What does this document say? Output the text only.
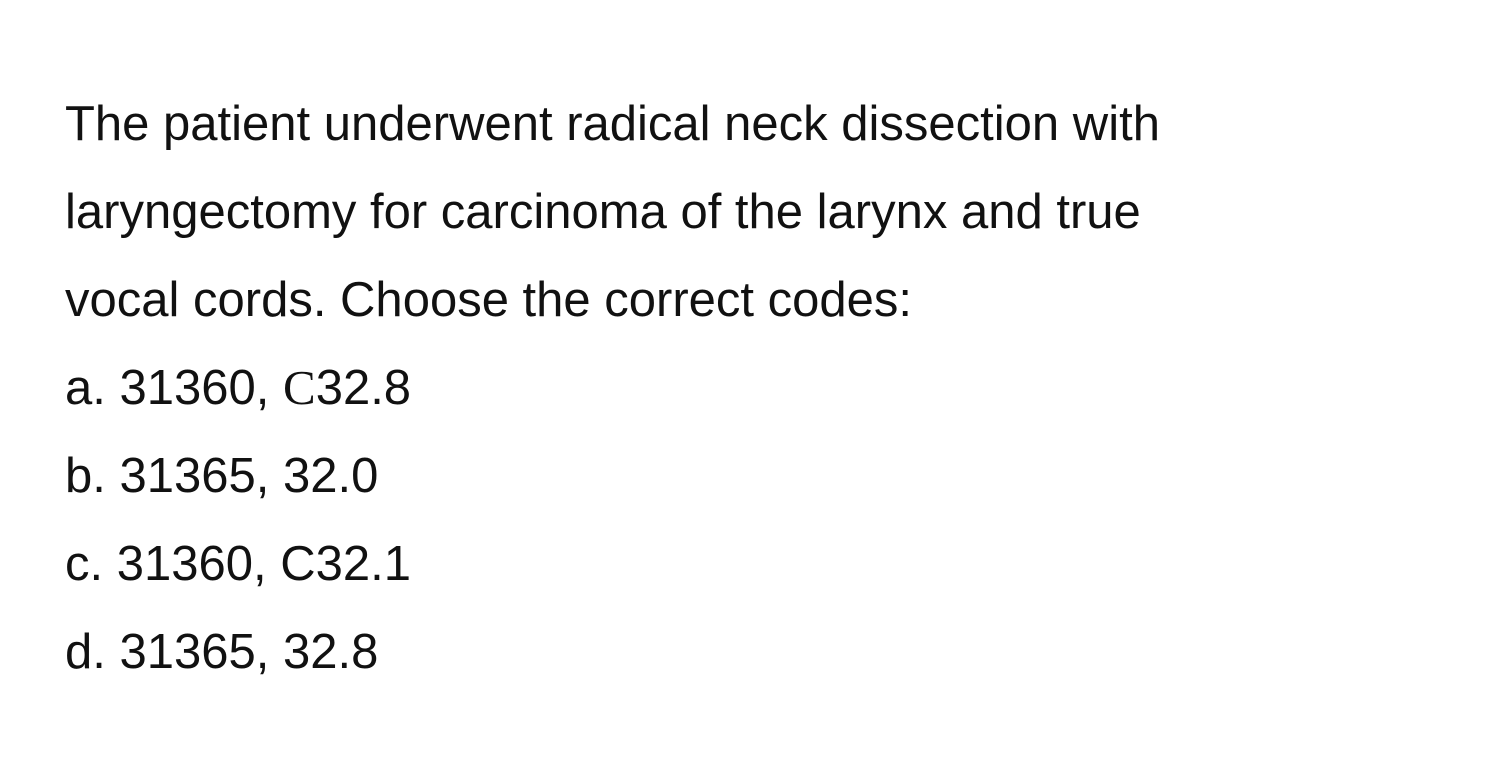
The patient underwent radical neck dissection with

laryngectomy for carcinoma of the larynx and true

vocal cords. Choose the correct codes:

a. 31360, C32.8
b. 31365, 32.0
c. 31360, C32.1
d. 31365, 32.8
